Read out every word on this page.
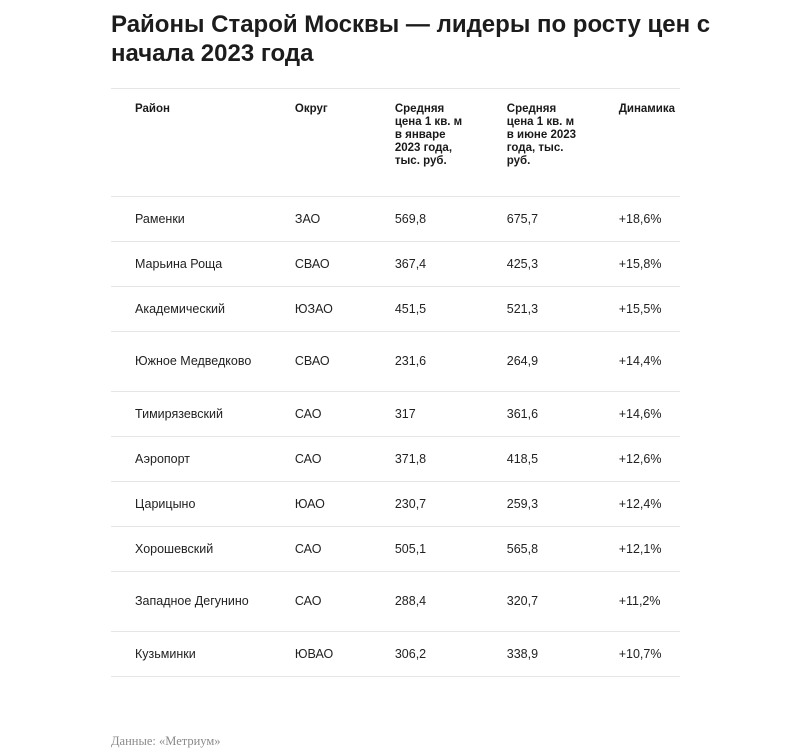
Районы Старой Москвы — лидеры по росту цен с начала 2023 года
Район	Округ	Средняя цена 1 кв. м в январе 2023 года, тыс. руб.	Средняя цена 1 кв. м в июне 2023 года, тыс. руб.	Динамика
Раменки	ЗАО	569,8	675,7	+18,6%
Марьина Роща	СВАО	367,4	425,3	+15,8%
Академический	ЮЗАО	451,5	521,3	+15,5%
Южное Медведково	СВАО	231,6	264,9	+14,4%
Тимирязевский	САО	317	361,6	+14,6%
Аэропорт	САО	371,8	418,5	+12,6%
Царицыно	ЮАО	230,7	259,3	+12,4%
Хорошевский	САО	505,1	565,8	+12,1%
Западное Дегунино	САО	288,4	320,7	+11,2%
Кузьминки	ЮВАО	306,2	338,9	+10,7%
Данные: «Метриум»
